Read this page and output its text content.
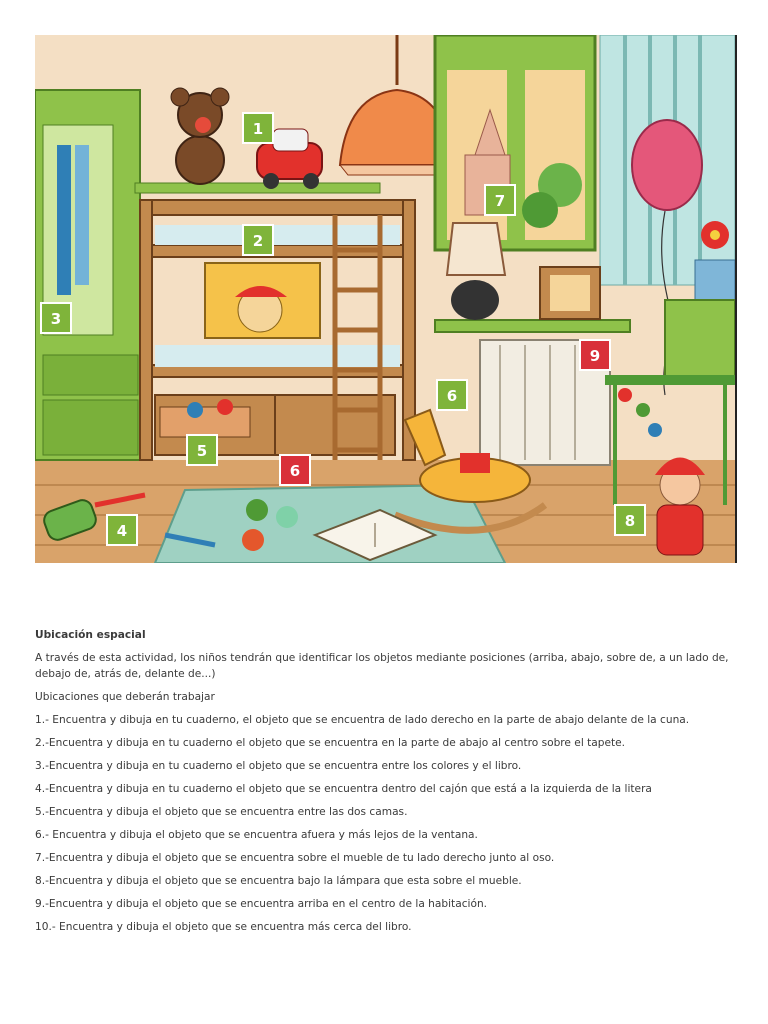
1
2
3
4
5
6
6
7
8
9

Ubicación espacial

A través de esta actividad, los niños tendrán que identificar los objetos mediante posiciones (arriba, abajo, sobre de, a un lado de, debajo de, atrás de, delante de...)

Ubicaciones que deberán trabajar

1.- Encuentra y dibuja en tu cuaderno, el objeto que se encuentra de lado derecho en la parte de abajo delante de la cuna.
2.-Encuentra y dibuja en tu cuaderno el objeto que se encuentra en la parte de abajo al centro sobre el tapete.
3.-Encuentra y dibuja en tu cuaderno el objeto que se encuentra entre los colores y el libro.
4.-Encuentra y dibuja en tu cuaderno el objeto que se encuentra dentro del cajón que está a la izquierda de la litera
5.-Encuentra y dibuja el objeto que se encuentra entre las dos camas.
6.- Encuentra y dibuja el objeto que se encuentra afuera y más lejos de la ventana.
7.-Encuentra y dibuja el objeto que se encuentra sobre el mueble de tu lado derecho junto al oso.
8.-Encuentra y dibuja el objeto que se encuentra bajo la lámpara que esta sobre el mueble.
9.-Encuentra y dibuja el objeto que se encuentra arriba en el centro de la habitación.
10.- Encuentra y dibuja el objeto que se encuentra más cerca del libro.
